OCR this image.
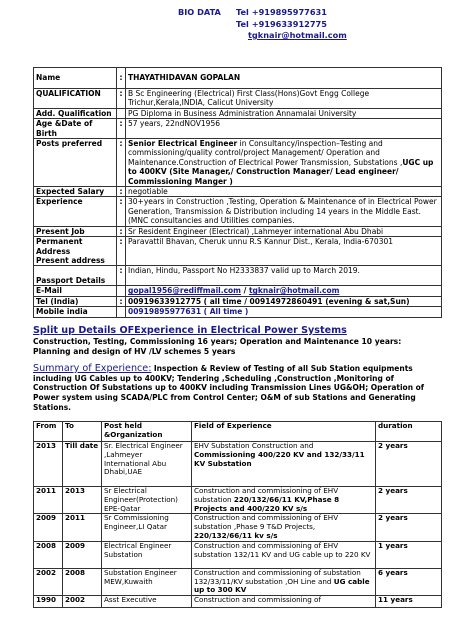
BIO DATA Tel +919895977631
Tel +919633912775
tgknair@hotmail.com
Name	:	THAYATHIDAVAN GOPALAN
QUALIFICATION	:	B Sc Engineering (Electrical) First Class(Hons)Govt Engg College Trichur,Kerala,INDIA, Calicut University
Add. Qualification		PG Diploma in Business Administration Annamalai University
Age &Date of Birth	:	57 years, 22ndNOV1956
Posts preferred	:	Senior Electrical Engineer in Consultancy/inspection–Testing and commissioning/quality control/project Management/ Operation and Maintenance.Construction of Electrical Power Transmission, Substations ,UGC up to 400KV (Site Manager,/ Construction Manager/ Lead engineer/ Commissioning Manger )
Expected Salary	:	negotiable
Experience	:	30+years in Construction ,Testing, Operation & Maintenance of in Electrical Power Generation, Transmission & Distribution including 14 years in the Middle East.(MNC consultancies and Utilities companies.
Present Job	:	Sr Resident Engineer (Electrical) ,Lahmeyer international Abu Dhabi

Permanent Address
Present address	:	Paravattil Bhavan, Cheruk unnu R.S Kannur Dist., Kerala, India-670301
Passport Details	:	Indian, Hindu, Passport No H2333837 valid up to March 2019.
E-Mail		gopal1956@rediffmail.com / tgknair@hotmail.com
Tel (India)	:	00919633912775 ( all time / 00914972860491 (evening & sat,Sun)
Mobile india		00919895977631 ( All time )
Split up Details OFExperience in Electrical Power Systems

Construction, Testing, Commissioning 16 years; Operation and Maintenance 10 years:

Planning and design of HV /LV schemes 5 years

Summary of Experience: Inspection & Review of Testing of all Sub Station equipments including UG Cables up to 400KV; Tendering ,Scheduling ,Construction ,Monitoring of Construction Of Substations up to 400KV including Transmission Lines UG&OH; Operation of Power system using SCADA/PLC from Control Center; O&M of sub Stations and Generating Stations.
From	To	Post held &Organization	Field of Experience	duration
2013	Till date	Sr. Electrical Engineer ,Lahmeyer International Abu Dhabi,UAE	EHV Substation Construction and Commissioning 400/220 KV and 132/33/11 KV Substation	2 years
2011	2013	Sr Electrical Engineer(Protection) EPE-Qatar	Construction and commissioning of EHV substation 220/132/66/11 KV,Phase 8 Projects and 400/220 KV s/s	2 years
2009	2011	Sr Commissioning Engineer,LI Qatar	Construction and commissioning of EHV substation ,Phase 9 T&D Projects, 220/132/66/11 kv s/s	2 years
2008	2009	Electrical Engineer Substation	Construction and commissioning of EHV substation 132/11 KV and UG cable up to 220 KV	1 years
2002	2008	Substation Engineer MEW,Kuwaith	Construction and commissioning of substation 132/33/11/KV substation ,OH Line and UG cable up to 300 KV	6 years
1990	2002	Asst Executive	Construction and commissioning of	11 years
